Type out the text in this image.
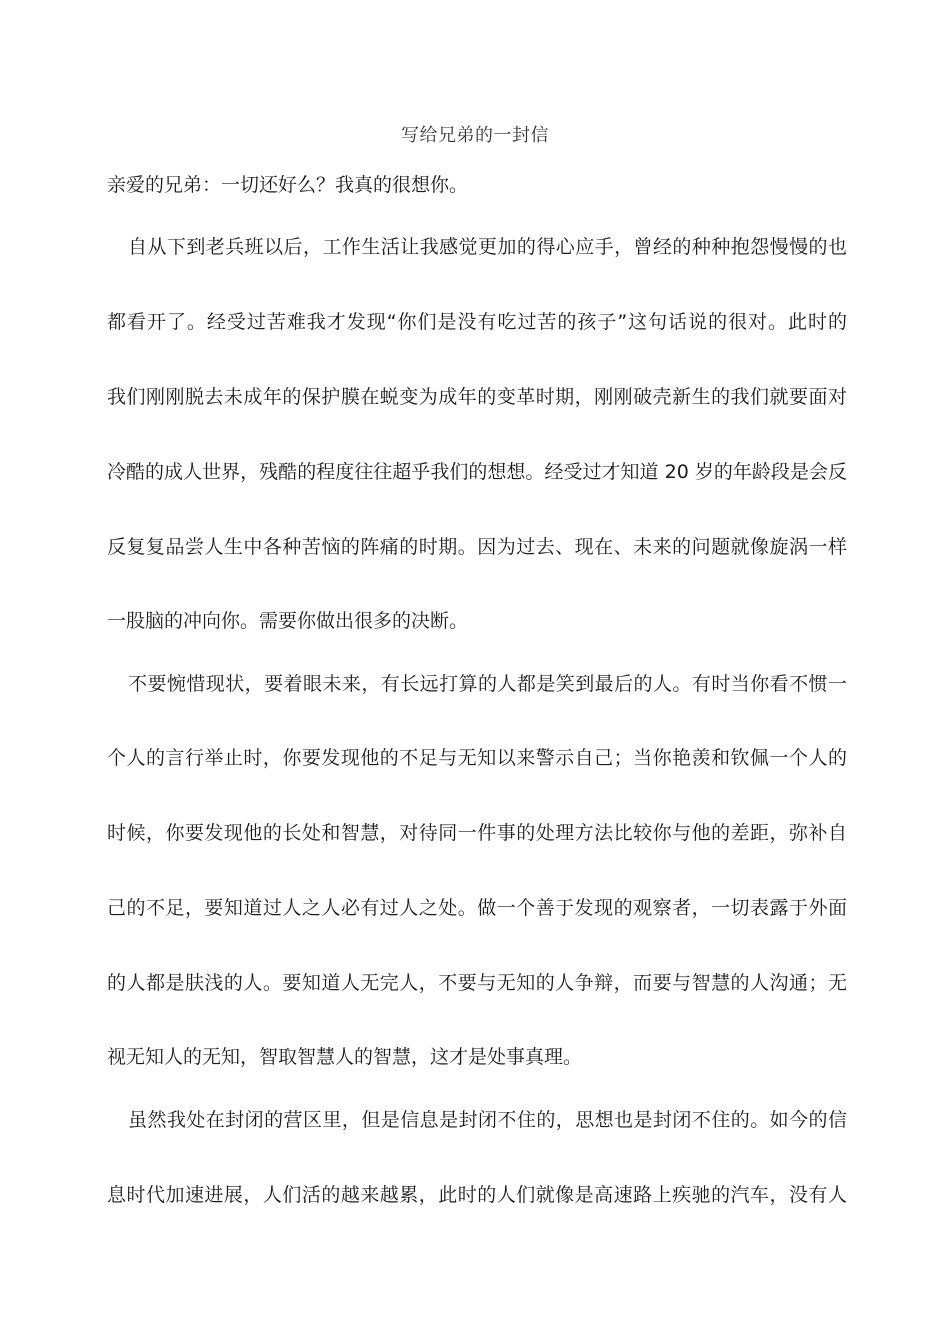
写给兄弟的一封信
亲爱的兄弟：一切还好么？我真的很想你。
自从下到老兵班以后，工作生活让我感觉更加的得心应手，曾经的种种抱怨慢慢的也
都看开了。经受过苦难我才发现“你们是没有吃过苦的孩子”这句话说的很对。此时的
我们刚刚脱去未成年的保护膜在蜕变为成年的变革时期，刚刚破壳新生的我们就要面对
冷酷的成人世界，残酷的程度往往超乎我们的想想。经受过才知道 20 岁的年龄段是会反
反复复品尝人生中各种苦恼的阵痛的时期。因为过去、现在、未来的问题就像旋涡一样
一股脑的冲向你。需要你做出很多的决断。
不要惋惜现状，要着眼未来，有长远打算的人都是笑到最后的人。有时当你看不惯一
个人的言行举止时，你要发现他的不足与无知以来警示自己；当你艳羡和钦佩一个人的
时候，你要发现他的长处和智慧，对待同一件事的处理方法比较你与他的差距，弥补自
己的不足，要知道过人之人必有过人之处。做一个善于发现的观察者，一切表露于外面
的人都是肤浅的人。要知道人无完人，不要与无知的人争辩，而要与智慧的人沟通；无
视无知人的无知，智取智慧人的智慧，这才是处事真理。
虽然我处在封闭的营区里，但是信息是封闭不住的，思想也是封闭不住的。如今的信
息时代加速进展，人们活的越来越累，此时的人们就像是高速路上疾驰的汽车，没有人
